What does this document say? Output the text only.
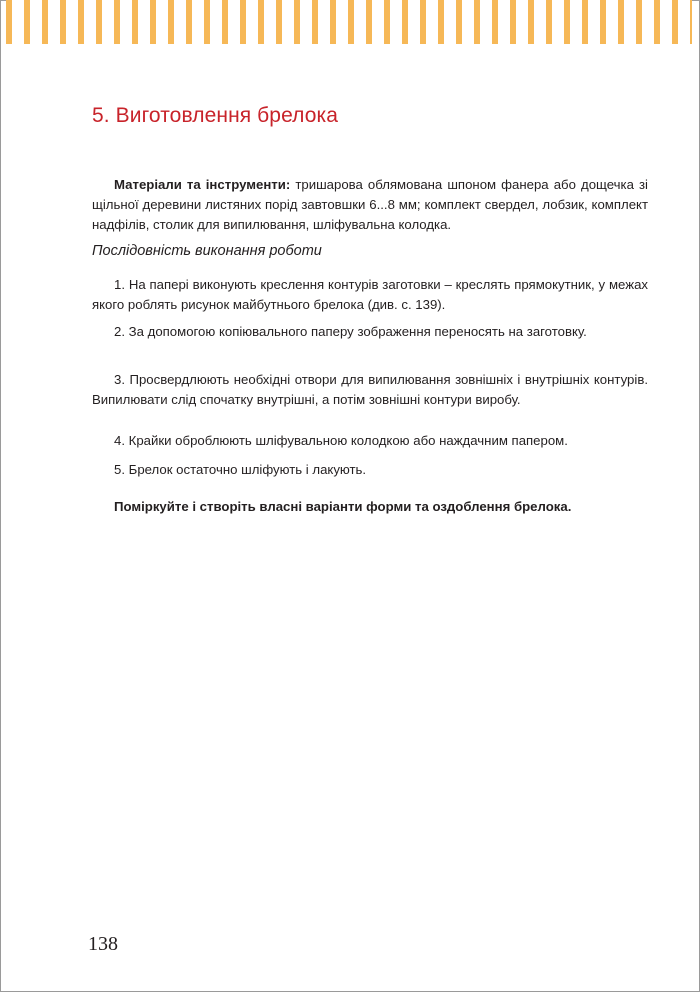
5. Виготовлення брелока

Матеріали та інструменти: тришарова облямована шпоном фанера або дощечка зі щільної деревини листяних порід завтовшки 6...8 мм; комплект свердел, лобзик, комплект надфілів, столик для випилювання, шліфувальна колодка.

Послідовність виконання роботи

1. На папері виконують креслення контурів заготовки – креслять прямокутник, у межах якого роблять рисунок майбутнього брелока (див. с. 139).

2. За допомогою копіювального паперу зображення переносять на заготовку.

3. Просвердлюють необхідні отвори для випилювання зовнішніх і внутрішніх контурів. Випилювати слід спочатку внутрішні, а потім зовнішні контури виробу.

4. Крайки оброблюють шліфувальною колодкою або наждачним папером.

5. Брелок остаточно шліфують і лакують.

Поміркуйте і створіть власні варіанти форми та оздоблення брелока.

138
